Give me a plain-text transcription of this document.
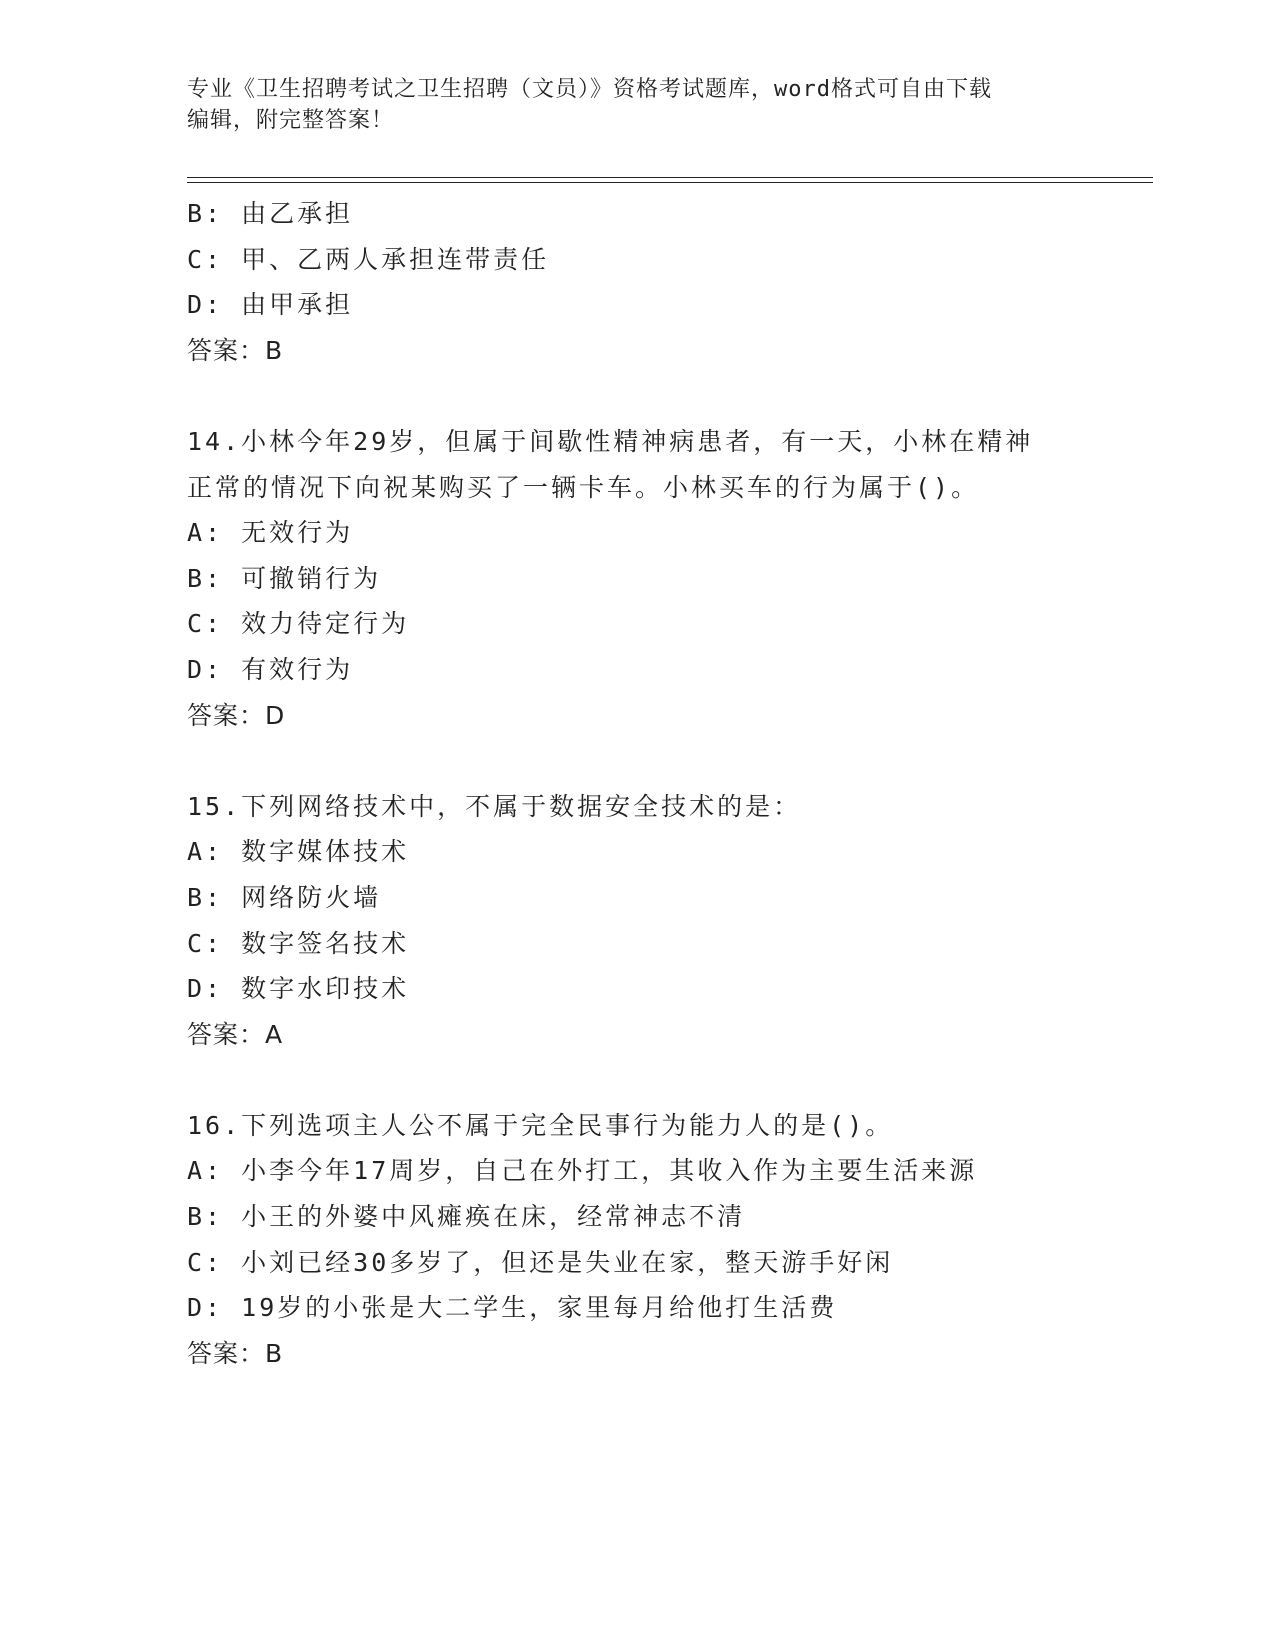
专业《卫生招聘考试之卫生招聘（文员）》资格考试题库，word格式可自由下载
编辑，附完整答案！
B: 由乙承担
C: 甲、乙两人承担连带责任
D: 由甲承担
答案：B
14.小林今年29岁，但属于间歇性精神病患者，有一天，小林在精神
正常的情况下向祝某购买了一辆卡车。小林买车的行为属于()。
A: 无效行为
B: 可撤销行为
C: 效力待定行为
D: 有效行为
答案：D
15.下列网络技术中，不属于数据安全技术的是：
A: 数字媒体技术
B: 网络防火墙
C: 数字签名技术
D: 数字水印技术
答案：A
16.下列选项主人公不属于完全民事行为能力人的是()。
A: 小李今年17周岁，自己在外打工，其收入作为主要生活来源
B: 小王的外婆中风瘫痪在床，经常神志不清
C: 小刘已经30多岁了，但还是失业在家，整天游手好闲
D: 19岁的小张是大二学生，家里每月给他打生活费
答案：B
